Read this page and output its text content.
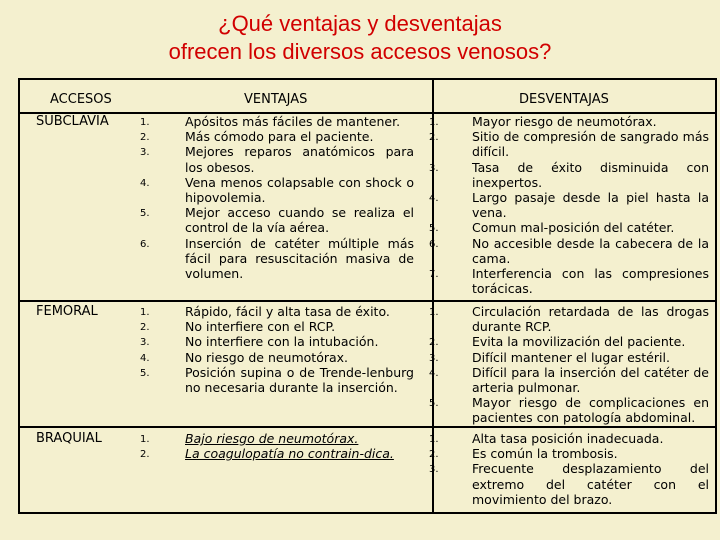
¿Qué ventajas y desventajas
ofrecen los diversos accesos venosos?
ACCESOS	VENTAJAS	DESVENTAJAS
SUBCLAVIA
FEMORAL
BRAQUIAL
1.
2.
3.
4.
5.
6.
Apósitos más fáciles de mantener.
Más cómodo para el paciente.
Mejores reparos anatómicos para los obesos.
Vena menos colapsable con shock o hipovolemia.
Mejor acceso cuando se realiza el control de la vía aérea.
Inserción de catéter múltiple más fácil para resuscitación masiva de volumen.
1.
2.
3.
4.
5.
6.
7.
Mayor riesgo de neumotórax.
Sitio de compresión de sangrado más difícil.
Tasa de éxito disminuida con inexpertos.
Largo pasaje desde la piel hasta la vena.
Comun mal-posición del catéter.
No accesible desde la cabecera de la cama.
Interferencia con las compresiones torácicas.
1.
2.
3.
4.
5.
Rápido, fácil y alta tasa de éxito.
No interfiere con el RCP.
No interfiere con la intubación.
No riesgo de neumotórax.
Posición supina o de Trende-lenburg no necesaria durante la inserción.
1.
2.
3.
4.
5.
Circulación retardada de las drogas durante RCP.
Evita la movilización del paciente.
Difícil mantener el lugar estéril.
Difícil para la inserción del catéter de arteria pulmonar.
Mayor riesgo de complicaciones en pacientes con patología abdominal.
1.
2.
Bajo riesgo de neumotórax.
La coagulopatía no contrain-dica.
1.
2.
3.
Alta tasa posición inadecuada.
Es común la trombosis.
Frecuente desplazamiento del extremo del catéter con el movimiento del brazo.
